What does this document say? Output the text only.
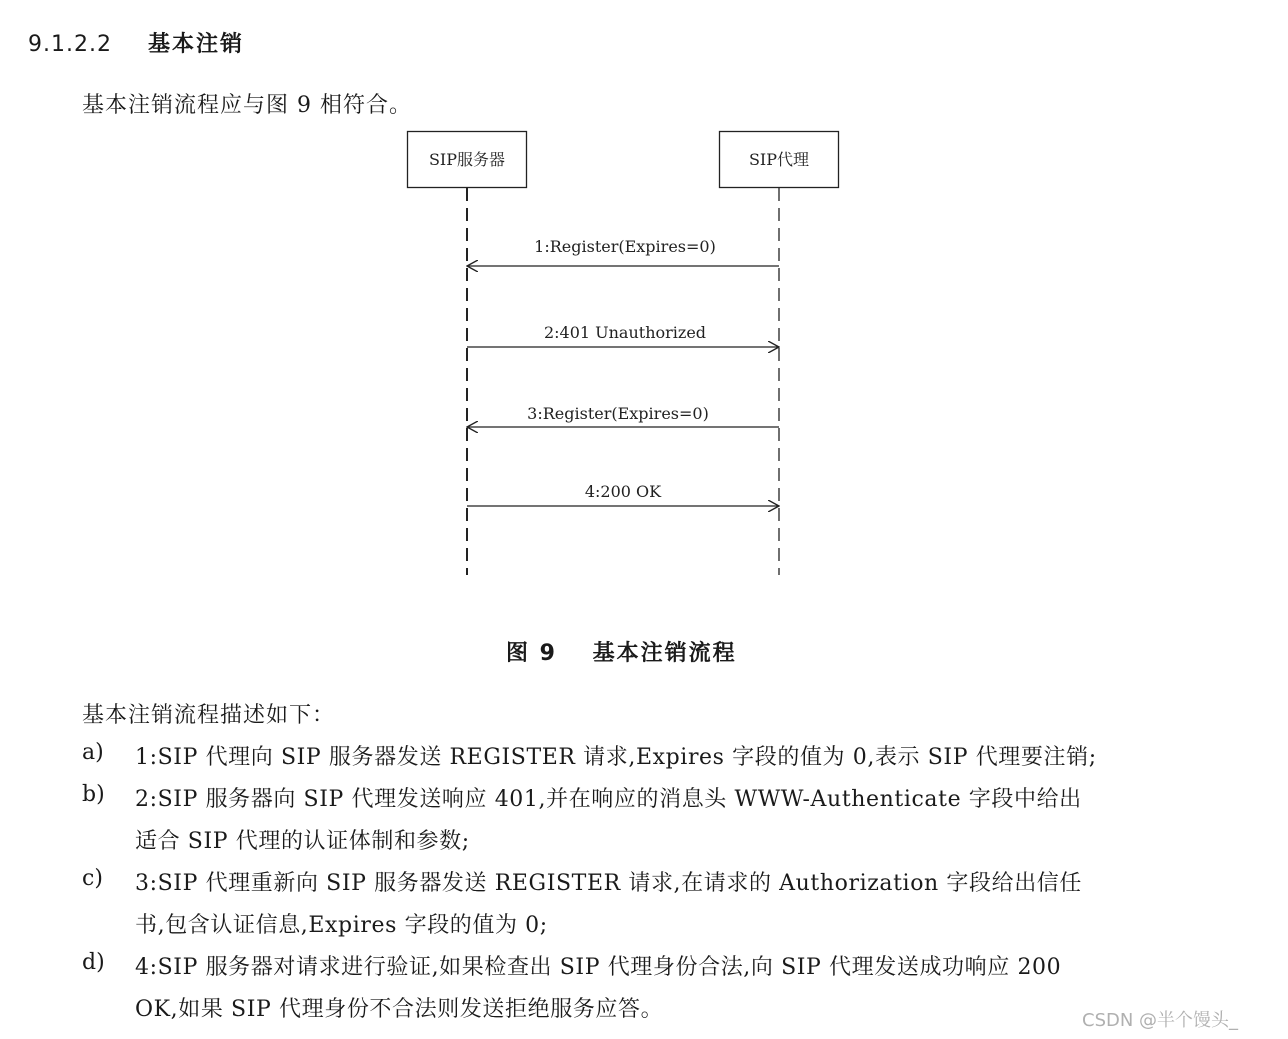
9.1.2.2 基本注销
基本注销流程应与图 9 相符合。
SIP服务器	SIP代理
1:Register(Expires=0)
2:401 Unauthorized
3:Register(Expires=0)
4:200 OK
图 9 基本注销流程
基本注销流程描述如下：
a) 1:SIP 代理向 SIP 服务器发送 REGISTER 请求,Expires 字段的值为 0,表示 SIP 代理要注销;
b) 2:SIP 服务器向 SIP 代理发送响应 401,并在响应的消息头 WWW-Authenticate 字段中给出
适合 SIP 代理的认证体制和参数;
c) 3:SIP 代理重新向 SIP 服务器发送 REGISTER 请求,在请求的 Authorization 字段给出信任
书,包含认证信息,Expires 字段的值为 0;
d) 4:SIP 服务器对请求进行验证,如果检查出 SIP 代理身份合法,向 SIP 代理发送成功响应 200
OK,如果 SIP 代理身份不合法则发送拒绝服务应答。	CSDN @半个馒头_
